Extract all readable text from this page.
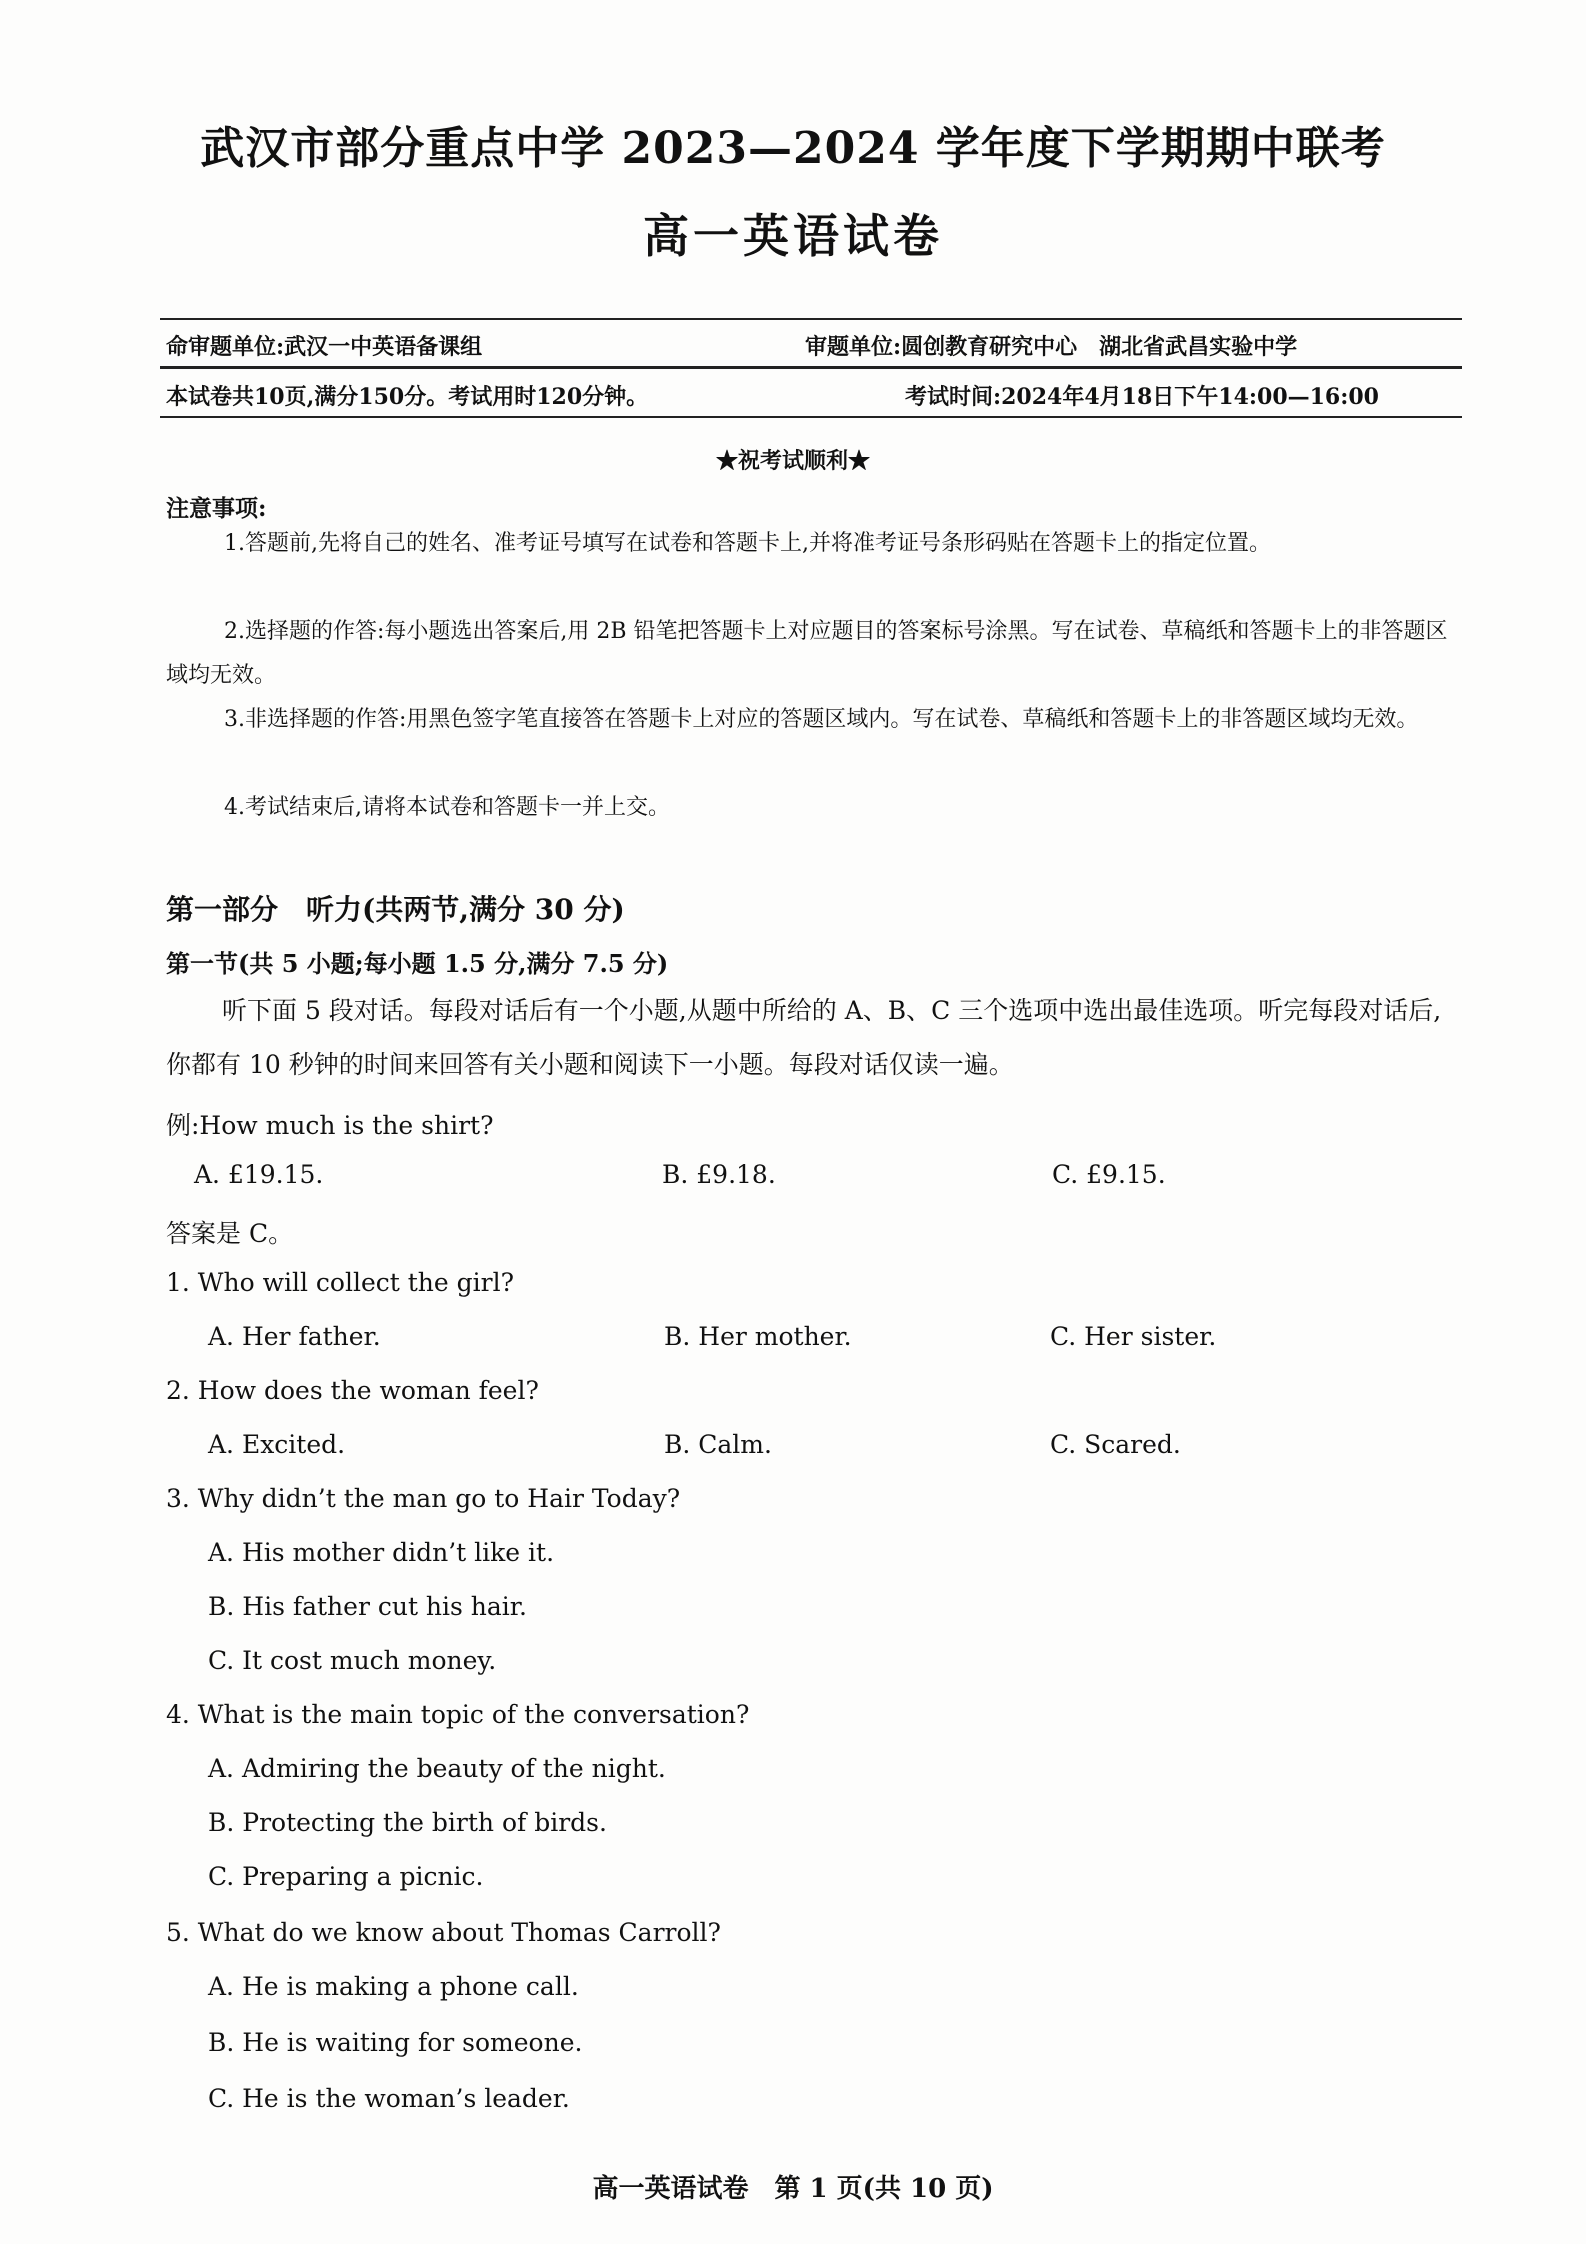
武汉市部分重点中学 2023—2024 学年度下学期期中联考
高一英语试卷
命审题单位:武汉一中英语备课组	审题单位:圆创教育研究中心　湖北省武昌实验中学
本试卷共10页,满分150分。考试用时120分钟。	考试时间:2024年4月18日下午14:00—16:00
★祝考试顺利★
注意事项:
1.答题前,先将自己的姓名、准考证号填写在试卷和答题卡上,并将准考证号条形码贴在答题卡上的指定位置。
2.选择题的作答:每小题选出答案后,用 2B 铅笔把答题卡上对应题目的答案标号涂黑。写在试卷、草稿纸和答题卡上的非答题区域均无效。
3.非选择题的作答:用黑色签字笔直接答在答题卡上对应的答题区域内。写在试卷、草稿纸和答题卡上的非答题区域均无效。
4.考试结束后,请将本试卷和答题卡一并上交。
第一部分　听力(共两节,满分 30 分)
第一节(共 5 小题;每小题 1.5 分,满分 7.5 分)
听下面 5 段对话。每段对话后有一个小题,从题中所给的 A、B、C 三个选项中选出最佳选项。听完每段对话后,你都有 10 秒钟的时间来回答有关小题和阅读下一小题。每段对话仅读一遍。
例:How much is the shirt?
A. £19.15.	B. £9.18.	C. £9.15.
答案是 C。
1. Who will collect the girl?
A. Her father.	B. Her mother.	C. Her sister.
2. How does the woman feel?
A. Excited.	B. Calm.	C. Scared.
3. Why didn’t the man go to Hair Today?
A. His mother didn’t like it.
B. His father cut his hair.
C. It cost much money.
4. What is the main topic of the conversation?
A. Admiring the beauty of the night.
B. Protecting the birth of birds.
C. Preparing a picnic.
5. What do we know about Thomas Carroll?
A. He is making a phone call.
B. He is waiting for someone.
C. He is the woman’s leader.
高一英语试卷　第 1 页(共 10 页)
